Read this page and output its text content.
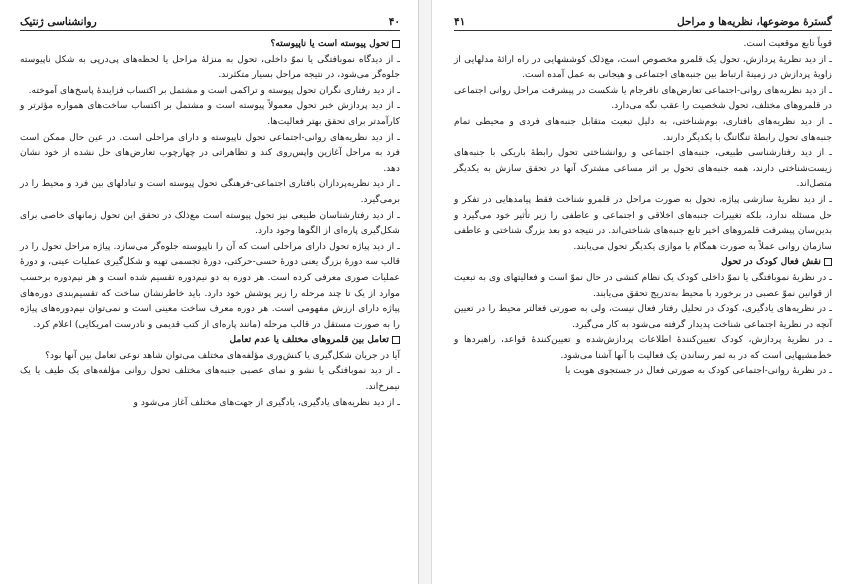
۴۰
روانشناسی ژنتیک

تحول پیوسته است یا ناپیوسته؟

ـ از دیدگاه نموبافتگی یا نموّ داخلی، تحول به منزلهٔ مراحل یا لحظه‌های پی‌درپی به شکل ناپیوسته جلوه‌گر می‌شود، در نتیجه مراحل بسیار متکثرند.

ـ از دید رفتاری نگران تحول پیوسته و تراکمی است و مشتمل بر اکتساب فزایندهٔ پاسخ‌های آموخته.

ـ از دید پردازش خبر تحول معمولاً پیوسته است و مشتمل بر اکتساب ساخت‌های همواره مؤثرتر و کارآمدتر برای تحقق بهتر فعالیت‌ها.

ـ از دید نظریه‌های روانی-اجتماعی تحول ناپیوسته و دارای مراحلی است. در عین حال ممکن است فرد به مراحل آغازین واپس‌روی کند و تظاهراتی در چهارچوب تعارض‌های حل نشده از خود نشان دهد.

ـ از دید نظریه‌پردازان بافتاری اجتماعی-فرهنگی تحول پیوسته است و تبادلهای بین فرد و محیط را در برمی‌گیرد.

ـ از دید رفتارشناسان طبیعی نیز تحول پیوسته است مع‌ذلک در تحقق این تحول زمانهای خاصی برای شکل‌گیری پاره‌ای از الگوها وجود دارد.

ـ از دید پیاژه تحول دارای مراحلی است که آن را ناپیوسته جلوه‌گر می‌سازد. پیاژه مراحل تحول را در قالب سه دورهٔ بزرگ یعنی دورهٔ حسی-حرکتی، دورهٔ تجسمی تهیه و شکل‌گیری عملیات عینی، و دورهٔ عملیات صوری معرفی کرده است. هر دوره به دو نیم‌دوره تقسیم شده است و هر نیم‌دوره برحسب موارد از یک تا چند مرحله را زیر پوشش خود دارد. باید خاطرنشان ساخت که تقسیم‌بندی دوره‌های پیاژه دارای ارزش مفهومی است. هر دوره معرف ساخت معینی است و نمی‌توان نیم‌دوره‌های پیاژه را به صورت مستقل در قالب مرحله (مانند پاره‌ای از کتب قدیمی و نادرست امریکایی) اعلام کرد.

تعامل بین قلمروهای مختلف یا عدم تعامل

آیا در جریان شکل‌گیری یا کنش‌وری مؤلفه‌های مختلف می‌توان شاهد نوعی تعامل بین آنها بود؟

ـ از دید نموبافتگی یا نشو و نمای عصبی جنبه‌های مختلف تحول روانی مؤلفه‌های یک طیف یا یک نیمرخ‌اند.

ـ از دید نظریه‌های یادگیری، یادگیری از جهت‌های مختلف آغاز می‌شود و

گسترهٔ موضوعها، نظریه‌ها و مراحل
۴۱

قویاً تابع موقعیت است.

ـ از دید نظریهٔ پردازش، تحول یک قلمرو مخصوص است، مع‌ذلک کوششهایی در راه ارائهٔ مدلهایی از زاویهٔ پردازش در زمینهٔ ارتباط بین جنبه‌های اجتماعی و هیجانی به عمل آمده است.

ـ از دید نظریه‌های روانی-اجتماعی تعارض‌های نافرجام یا شکست در پیشرفت مراحل روانی اجتماعی در قلمروهای مختلف، تحول شخصیت را عقب نگه می‌دارد.

ـ از دید نظریه‌های بافتاری، بوم‌شناختی، به دلیل تبعیت متقابل جنبه‌های فردی و محیطی تمام جنبه‌های تحول رابطهٔ تنگاتنگ با یکدیگر دارند.

ـ از دید رفتارشناسی طبیعی، جنبه‌های اجتماعی و روانشناختی تحول رابطهٔ باریکی با جنبه‌های زیست‌شناختی دارند، همه جنبه‌های تحول بر اثر مساعی مشترک آنها در تحقق سازش به یکدیگر متصل‌اند.

ـ از دید نظریهٔ سازشی پیاژه، تحول به صورت مراحل در قلمرو شناخت فقط پیامدهایی در تفکر و حل مسئله ندارد، بلکه تغییرات جنبه‌های اخلاقی و اجتماعی و عاطفی را زیر تأثیر خود می‌گیرد و بدین‌سان پیشرفت قلمروهای اخیر تابع جنبه‌های شناختی‌اند. در نتیجه دو بعد بزرگ شناختی و عاطفی سازمان روانی عملاً به صورت همگام یا موازی یکدیگر تحول می‌یابند.

نقش فعال کودک در تحول

ـ در نظریهٔ نموبافتگی یا نموّ داخلی کودک یک نظام کنشی در حال نموّ است و فعالیتهای وی به تبعیت از قوانین نموّ عصبی در برخورد با محیط به‌تدریج تحقق می‌یابند.

ـ در نظریه‌های یادگیری، کودک در تحلیل رفتار فعال نیست، ولی به صورتی فعالتر محیط را در تعیین آنچه در نظریهٔ اجتماعی شناخت پدیدار گرفته می‌شود به کار می‌گیرد.

ـ در نظریهٔ پردازش، کودک تعیین‌کنندهٔ اطلاعات پردازش‌شده و تعیین‌کنندهٔ قواعد، راهبردها و خط‌مشیهایی است که در به ثمر رساندن یک فعالیت با آنها آشنا می‌شود.

ـ در نظریهٔ روانی-اجتماعی کودک به صورتی فعال در جستجوی هویت یا
